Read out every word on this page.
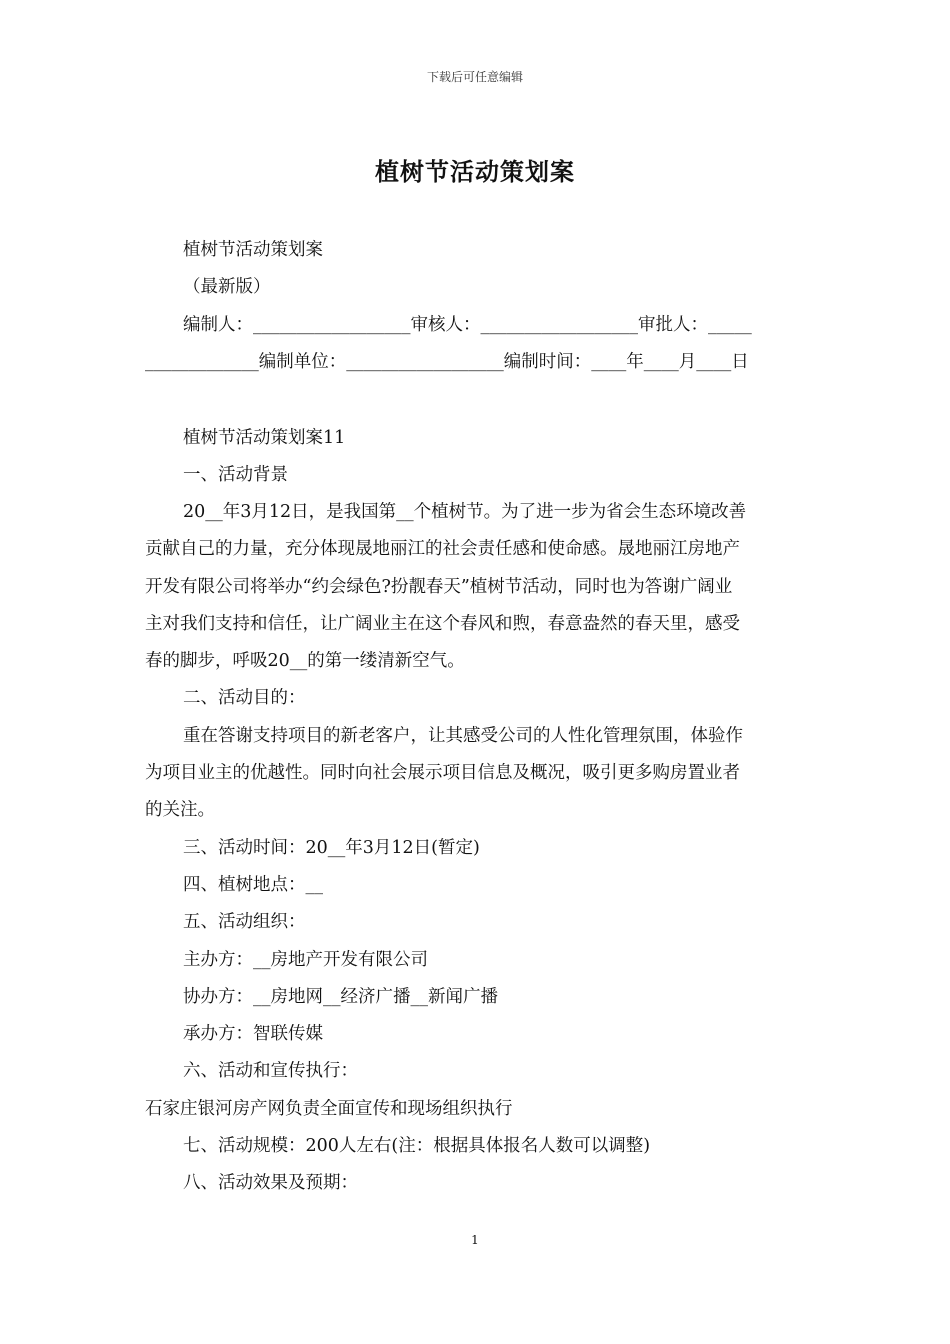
下载后可任意编辑
植树节活动策划案
植树节活动策划案
（最新版）
编制人：__________________审核人：__________________审批人：_____
_____________编制单位：__________________编制时间：____年____月____日
植树节活动策划案11
一、活动背景
20__年3月12日，是我国第__个植树节。为了进一步为省会生态环境改善
贡献自己的力量，充分体现晟地丽江的社会责任感和使命感。晟地丽江房地产
开发有限公司将举办“约会绿色?扮靓春天”植树节活动，同时也为答谢广阔业
主对我们支持和信任，让广阔业主在这个春风和煦，春意盎然的春天里，感受
春的脚步，呼吸20__的第一缕清新空气。
二、活动目的：
重在答谢支持项目的新老客户，让其感受公司的人性化管理氛围，体验作
为项目业主的优越性。同时向社会展示项目信息及概况，吸引更多购房置业者
的关注。
三、活动时间：20__年3月12日(暂定)
四、植树地点：__
五、活动组织：
主办方：__房地产开发有限公司
协办方：__房地网__经济广播__新闻广播
承办方：智联传媒
六、活动和宣传执行：
石家庄银河房产网负责全面宣传和现场组织执行
七、活动规模：200人左右(注：根据具体报名人数可以调整)
八、活动效果及预期：
1
